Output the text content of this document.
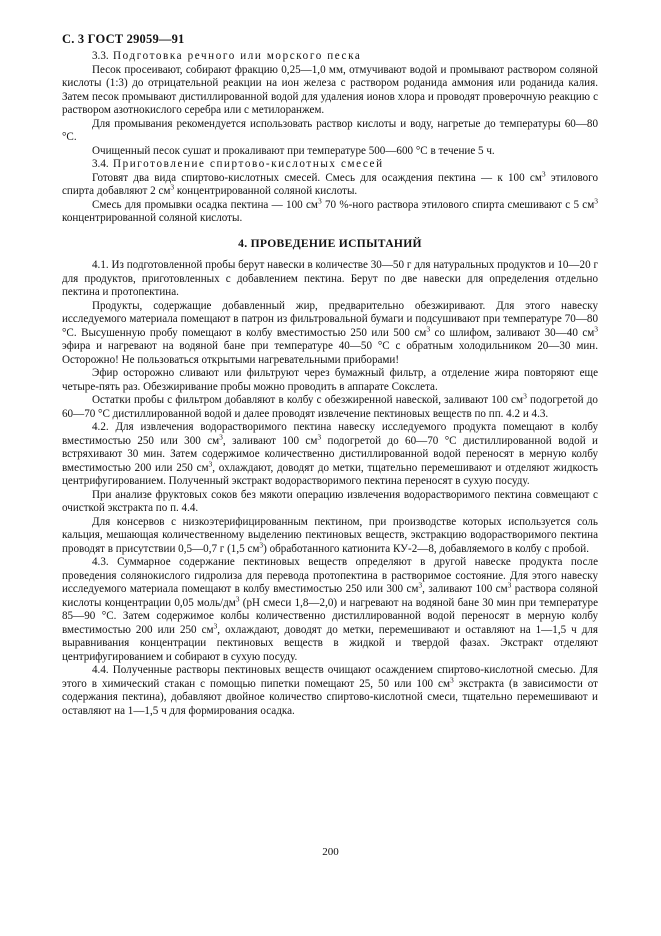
С. 3 ГОСТ 29059—91

3.3. Подготовка речного или морского песка

Песок просеивают, собирают фракцию 0,25—1,0 мм, отмучивают водой и промывают раствором соляной кислоты (1:3) до отрицательной реакции на ион железа с раствором роданида аммония или роданида калия. Затем песок промывают дистиллированной водой для удаления ионов хлора и проводят проверочную реакцию с раствором азотнокислого серебра или с метилоранжем.

Для промывания рекомендуется использовать раствор кислоты и воду, нагретые до температуры 60—80 °С.

Очищенный песок сушат и прокаливают при температуре 500—600 °С в течение 5 ч.

3.4. Приготовление спиртово-кислотных смесей

Готовят два вида спиртово-кислотных смесей. Смесь для осаждения пектина — к 100 $см^3$ этилового спирта добавляют 2 $см^3$ концентрированной соляной кислоты.

Смесь для промывки осадка пектина — 100 $см^3$ 70 %-ного раствора этилового спирта смешивают с 5 $см^3$ концентрированной соляной кислоты.

4. ПРОВЕДЕНИЕ ИСПЫТАНИЙ

4.1. Из подготовленной пробы берут навески в количестве 30—50 г для натуральных продуктов и 10—20 г для продуктов, приготовленных с добавлением пектина. Берут по две навески для определения отдельно пектина и протопектина.

Продукты, содержащие добавленный жир, предварительно обезжиривают. Для этого навеску исследуемого материала помещают в патрон из фильтровальной бумаги и подсушивают при температуре 70—80 °С. Высушенную пробу помещают в колбу вместимостью 250 или 500 $см^3$ со шлифом, заливают 30—40 $см^3$ эфира и нагревают на водяной бане при температуре 40—50 °С с обратным холодильником 20—30 мин. Осторожно! Не пользоваться открытыми нагревательными приборами!

Эфир осторожно сливают или фильтруют через бумажный фильтр, а отделение жира повторяют еще четыре-пять раз. Обезжиривание пробы можно проводить в аппарате Сокслета.

Остатки пробы с фильтром добавляют в колбу с обезжиренной навеской, заливают 100 $см^3$ подогретой до 60—70 °С дистиллированной водой и далее проводят извлечение пектиновых веществ по пп. 4.2 и 4.3.

4.2. Для извлечения водорастворимого пектина навеску исследуемого продукта помещают в колбу вместимостью 250 или 300 $см^3$, заливают 100 $см^3$ подогретой до 60—70 °С дистиллированной водой и встряхивают 30 мин. Затем содержимое количественно дистиллированной водой переносят в мерную колбу вместимостью 200 или 250 $см^3$, охлаждают, доводят до метки, тщательно перемешивают и отделяют жидкость центрифугированием. Полученный экстракт водорастворимого пектина переносят в сухую посуду.

При анализе фруктовых соков без мякоти операцию извлечения водорастворимого пектина совмещают с очисткой экстракта по п. 4.4.

Для консервов с низкоэтерифицированным пектином, при производстве которых используется соль кальция, мешающая количественному выделению пектиновых веществ, экстракцию водорастворимого пектина проводят в присутствии 0,5—0,7 г (1,5 $см^3$) обработанного катионита КУ-2—8, добавляемого в колбу с пробой.

4.3. Суммарное содержание пектиновых веществ определяют в другой навеске продукта после проведения солянокислого гидролиза для перевода протопектина в растворимое состояние. Для этого навеску исследуемого материала помещают в колбу вместимостью 250 или 300 $см^3$, заливают 100 $см^3$ раствора соляной кислоты концентрации 0,05 моль/$дм^3$ (рН смеси 1,8—2,0) и нагревают на водяной бане 30 мин при температуре 85—90 °С. Затем содержимое колбы количественно дистиллированной водой переносят в мерную колбу вместимостью 200 или 250 $см^3$, охлаждают, доводят до метки, перемешивают и оставляют на 1—1,5 ч для выравнивания концентрации пектиновых веществ в жидкой и твердой фазах. Экстракт отделяют центрифугированием и собирают в сухую посуду.

4.4. Полученные растворы пектиновых веществ очищают осаждением спиртово-кислотной смесью. Для этого в химический стакан с помощью пипетки помещают 25, 50 или 100 $см^3$ экстракта (в зависимости от содержания пектина), добавляют двойное количество спиртово-кислотной смеси, тщательно перемешивают и оставляют на 1—1,5 ч для формирования осадка.

200
